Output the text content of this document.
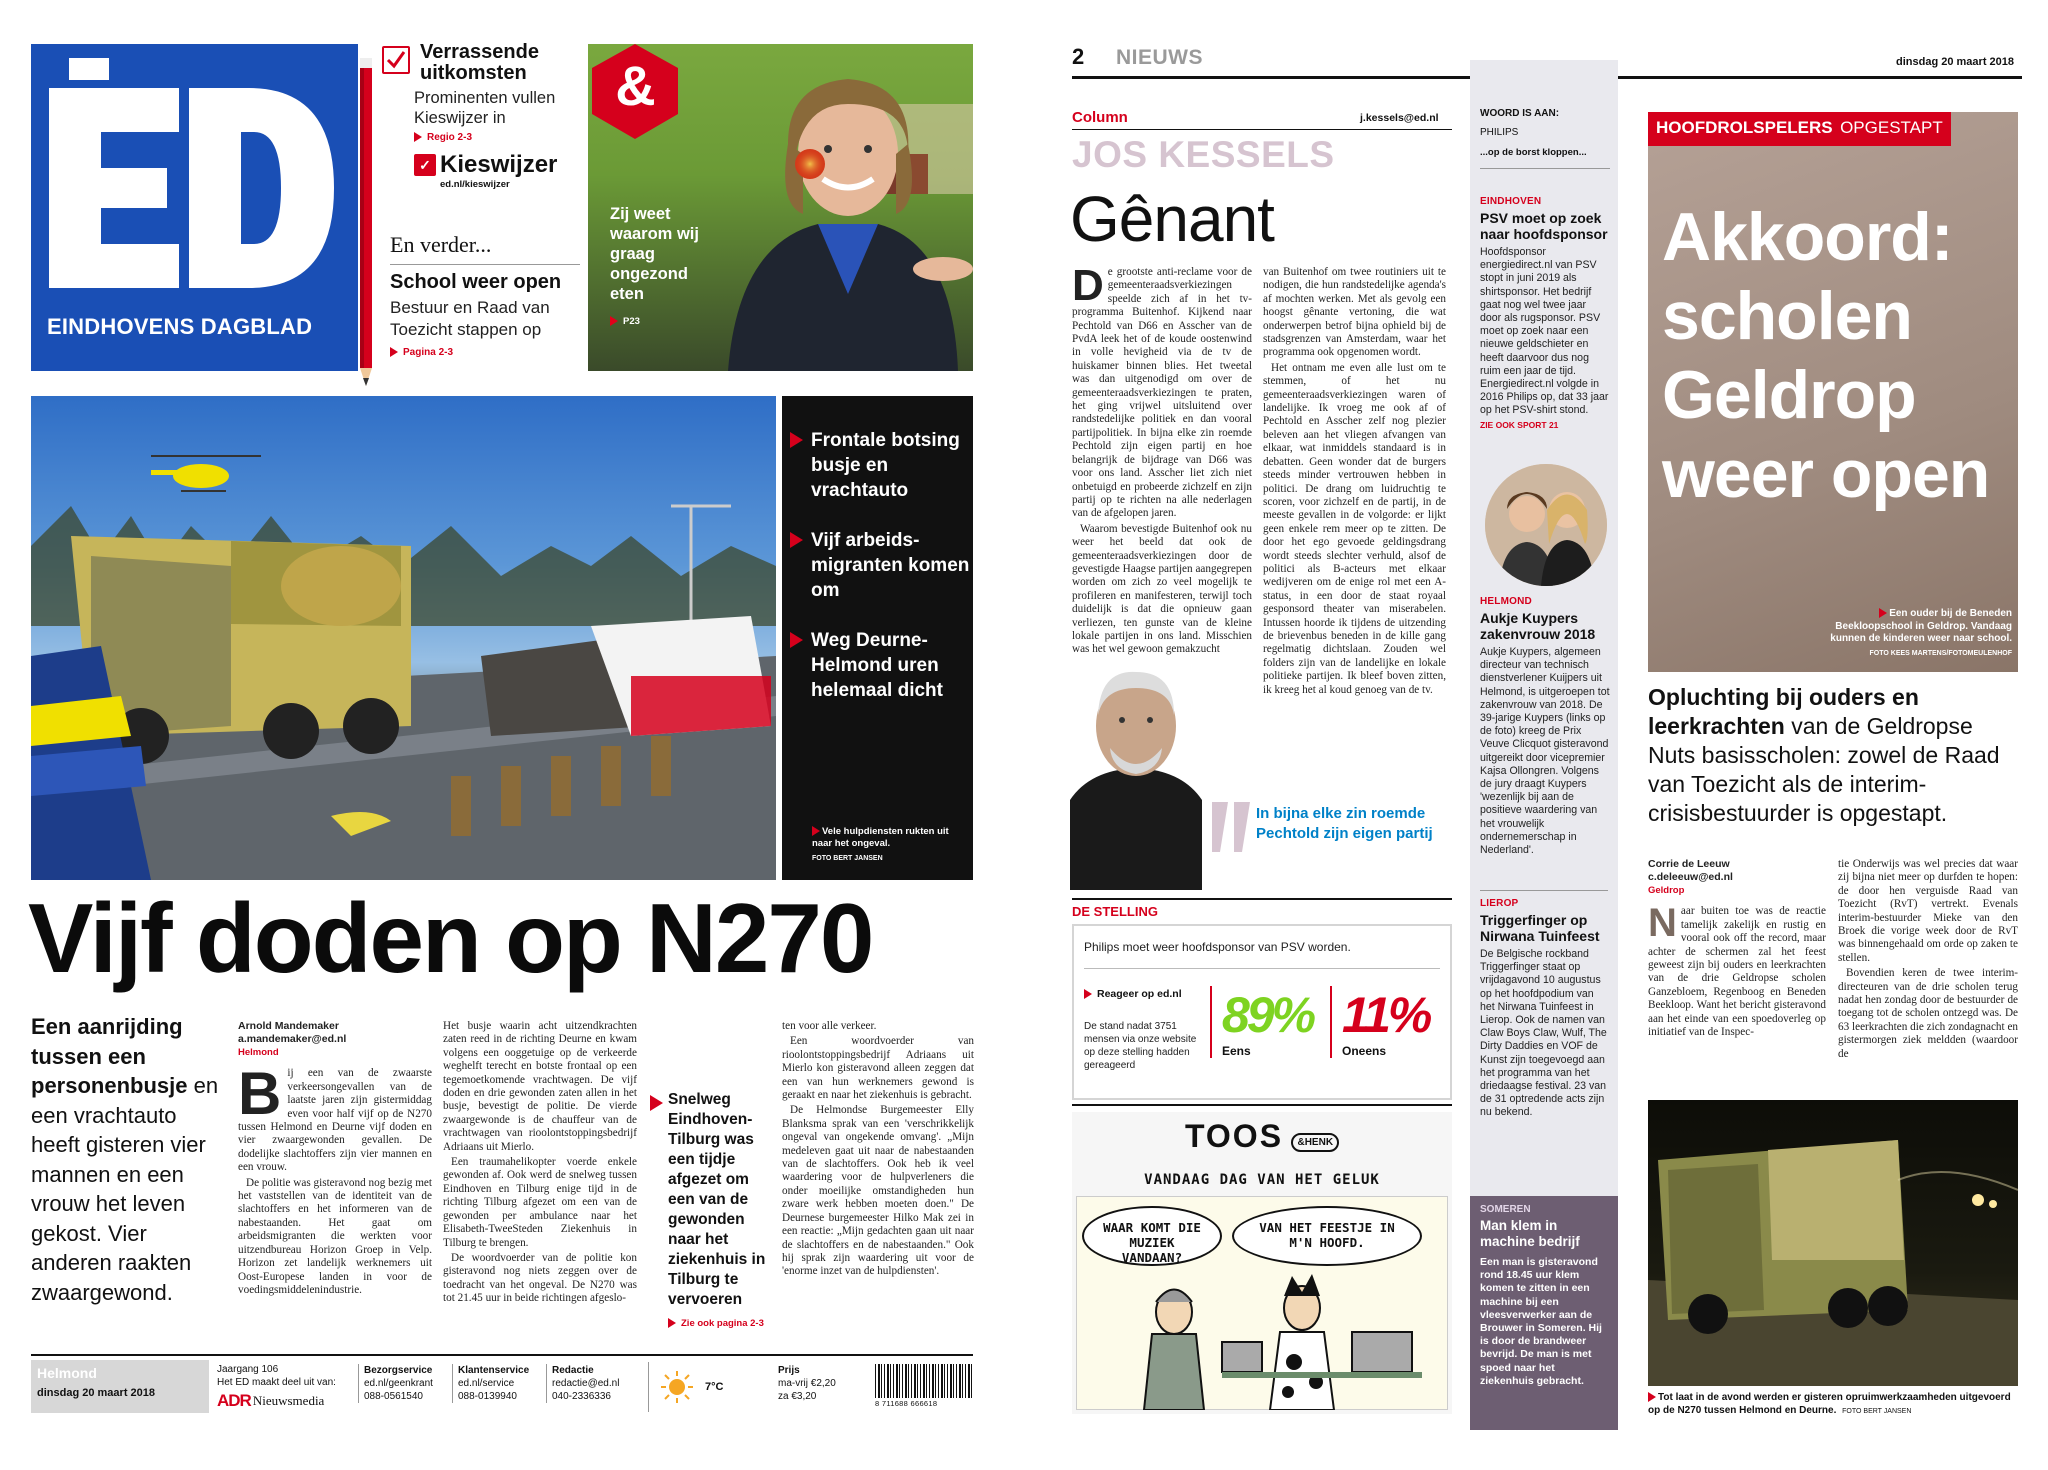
EINDHOVENS DAGBLAD
Verrassende
uitkomsten
Prominenten vullen Kieswijzer in
Regio 2-3
✓ Kieswijzer
ed.nl/kieswijzer
En verder...
School weer open
Bestuur en Raad van Toezicht stappen op
Pagina 2-3
&
Zij weet waarom wij graag ongezond eten
P23
Frontale botsing busje en vrachtauto
Vijf arbeids-migranten komen om
Weg Deurne-Helmond uren helemaal dicht
Vele hulpdiensten rukten uit naar het ongeval.
FOTO BERT JANSEN
Vijf doden op N270
Een aanrijding tussen een personenbusje en een vrachtauto heeft gisteren vier mannen en een vrouw het leven gekost. Vier anderen raakten zwaargewond.
Arnold Mandemaker
a.mandemaker@ed.nl
Helmond

Bij een van de zwaarste verkeersongevallen van de laatste jaren zijn gistermiddag even voor half vijf op de N270 tussen Helmond en Deurne vijf doden en vier zwaargewonden gevallen. De dodelijke slachtoffers zijn vier mannen en een vrouw.

De politie was gisteravond nog bezig met het vaststellen van de identiteit van de slachtoffers en het informeren van de nabestaanden. Het gaat om arbeidsmigranten die werkten voor uitzendbureau Horizon Groep in Velp. Horizon zet landelijk werknemers uit Oost-Europese landen in voor de voedingsmiddelenindustrie.

Het busje waarin acht uitzendkrachten zaten reed in de richting Deurne en kwam volgens een ooggetuige op de verkeerde weghelft terecht en botste frontaal op een tegemoetkomende vrachtwagen. De vijf doden en drie gewonden zaten allen in het busje, bevestigt de politie. De vierde zwaargewonde is de chauffeur van de vrachtwagen van rioolontstoppingsbedrijf Adriaans uit Mierlo.

Een traumahelikopter voerde enkele gewonden af. Ook werd de snelweg tussen Eindhoven en Tilburg enige tijd in de richting Tilburg afgezet om een van de gewonden per ambulance naar het Elisabeth-TweeSteden Ziekenhuis in Tilburg te brengen.

De woordvoerder van de politie kon gisteravond nog niets zeggen over de toedracht van het ongeval. De N270 was tot 21.45 uur in beide richtingen afgeslo-

Snelweg Eindhoven-Tilburg was een tijdje afgezet om een van de gewonden naar het ziekenhuis in Tilburg te vervoeren
Zie ook pagina 2-3

ten voor alle verkeer.

Een woordvoerder van rioolontstoppingsbedrijf Adriaans uit Mierlo kon gisteravond alleen zeggen dat een van hun werknemers gewond is geraakt en naar het ziekenhuis is gebracht.

De Helmondse Burgemeester Elly Blanksma sprak van een 'verschrikkelijk ongeval van ongekende omvang'. „Mijn medeleven gaat uit naar de nabestaanden van de slachtoffers. Ook heb ik veel waardering voor de hulpverleners die onder moeilijke omstandigheden hun zware werk hebben moeten doen." De Deurnese burgemeester Hilko Mak zei in een reactie: „Mijn gedachten gaan uit naar de slachtoffers en de nabestaanden." Ook hij sprak zijn waardering uit voor de 'enorme inzet van de hulpdiensten'.

Helmond
dinsdag 20 maart 2018
Jaargang 106
Het ED maakt deel uit van:
ADR Nieuwsmedia
Bezorgservice
ed.nl/geenkrant
088-0561540
Klantenservice
ed.nl/service
088-0139940
Redactie
redactie@ed.nl
040-2336336
7°C
Prijs
ma-vrij €2,20
za €3,20
8 711688 666618
2 NIEUWS	dinsdag 20 maart 2018
Column	j.kessels@ed.nl
JOS KESSELS
Gênant

De grootste anti-reclame voor de gemeenteraadsverkiezingen speelde zich af in het tv-programma Buitenhof. Kijkend naar Pechtold van D66 en Asscher van de PvdA leek het of de koude oostenwind in volle hevigheid via de tv de huiskamer binnen blies. Het tweetal was dan uitgenodigd om over de gemeenteraadsverkiezingen te praten, het ging vrijwel uitsluitend over randstedelijke politiek en dan vooral partijpolitiek. In bijna elke zin roemde Pechtold zijn eigen partij en hoe belangrijk de bijdrage van D66 was voor ons land. Asscher liet zich niet onbetuigd en probeerde zichzelf en zijn partij op te richten na alle nederlagen van de afgelopen jaren.

Waarom bevestigde Buitenhof ook nu weer het beeld dat ook de gemeenteraadsverkiezingen door de gevestigde Haagse partijen aangegrepen worden om zich zo veel mogelijk te profileren en manifesteren, terwijl toch duidelijk is dat die opnieuw gaan verliezen, ten gunste van de kleine lokale partijen in ons land. Misschien was het wel gewoon gemakzucht

van Buitenhof om twee routiniers uit te nodigen, die hun randstedelijke agenda's af mochten werken. Met als gevolg een hoogst gênante vertoning, die wat onderwerpen betrof bijna ophield bij de stadsgrenzen van Amsterdam, waar het programma ook opgenomen wordt.

Het ontnam me even alle lust om te stemmen, of het nu gemeenteraadsverkiezingen waren of landelijke. Ik vroeg me ook af of Pechtold en Asscher zelf nog plezier beleven aan het vliegen afvangen van elkaar, wat inmiddels standaard is in debatten. Geen wonder dat de burgers steeds minder vertrouwen hebben in politici. De drang om luidruchtig te scoren, voor zichzelf en de partij, in de meeste gevallen in de volgorde: er lijkt geen enkele rem meer op te zitten. De door het ego gevoede geldingsdrang wordt steeds slechter verhuld, alsof de politici als B-acteurs met elkaar wedijveren om de enige rol met een A-status, in een door de staat royaal gesponsord theater van miserabelen. Intussen hoorde ik tijdens de uitzending de brievenbus beneden in de kille gang regelmatig dichtslaan. Zouden wel folders zijn van de landelijke en lokale politieke partijen. Ik bleef boven zitten, ik kreeg het al koud genoeg van de tv.

In bijna elke zin roemde Pechtold zijn eigen partij
DE STELLING
Philips moet weer hoofdsponsor van PSV worden.
Reageer op ed.nl
De stand nadat 3751 mensen via onze website op deze stelling hadden gereageerd
89%
Eens
11%
Oneens
TOOS &HENK
VANDAAG DAG VAN HET GELUK
WAAR KOMT DIE MUZIEK VANDAAN?
VAN HET FEESTJE IN M'N HOOFD.
WOORD IS AAN:
PHILIPS
...op de borst kloppen...
EINDHOVEN
PSV moet op zoek naar hoofdsponsor
Hoofdsponsor energiedirect.nl van PSV stopt in juni 2019 als shirtsponsor. Het bedrijf gaat nog wel twee jaar door als rugsponsor. PSV moet op zoek naar een nieuwe geldschieter en heeft daarvoor dus nog ruim een jaar de tijd. Energiedirect.nl volgde in 2016 Philips op, dat 33 jaar op het PSV-shirt stond.
ZIE OOK SPORT 21
HELMOND
Aukje Kuypers zakenvrouw 2018
Aukje Kuypers, algemeen directeur van technisch dienstverlener Kuijpers uit Helmond, is uitgeroepen tot zakenvrouw van 2018. De 39-jarige Kuypers (links op de foto) kreeg de Prix Veuve Clicquot gisteravond uitgereikt door vicepremier Kajsa Ollongren. Volgens de jury draagt Kuypers 'wezenlijk bij aan de positieve waardering van het vrouwelijk ondernemerschap in Nederland'.
LIEROP
Triggerfinger op Nirwana Tuinfeest
De Belgische rockband Triggerfinger staat op vrijdagavond 10 augustus op het hoofdpodium van het Nirwana Tuinfeest in Lierop. Ook de namen van Claw Boys Claw, Wulf, The Dirty Daddies en VOF de Kunst zijn toegevoegd aan het programma van het driedaagse festival. 23 van de 31 optredende acts zijn nu bekend.
SOMEREN
Man klem in machine bedrijf
Een man is gisteravond rond 18.45 uur klem komen te zitten in een machine bij een vleesverwerker aan de Brouwer in Someren. Hij is door de brandweer bevrijd. De man is met spoed naar het ziekenhuis gebracht.
HOOFDROLSPELERS OPGESTAPT
Akkoord: scholen Geldrop weer open
Een ouder bij de Beneden Beekloopschool in Geldrop. Vandaag kunnen de kinderen weer naar school.
FOTO KEES MARTENS/FOTOMEULENHOF
Opluchting bij ouders en leerkrachten van de Geldropse Nuts basisscholen: zowel de Raad van Toezicht als de interim-crisisbestuurder is opgestapt.
Corrie de Leeuw
c.deleeuw@ed.nl
Geldrop

Naar buiten toe was de reactie tamelijk zakelijk en rustig en vooral ook off the record, maar achter de schermen zal het feest geweest zijn bij ouders en leerkrachten van de drie Geldropse scholen Ganzebloem, Regenboog en Beneden Beekloop. Want het bericht gisteravond aan het einde van een spoedoverleg op initiatief van de Inspec-

tie Onderwijs was wel precies dat waar zij bijna niet meer op durfden te hopen: de door hen verguisde Raad van Toezicht (RvT) vertrekt. Evenals interim-bestuurder Mieke van den Broek die vorige week door de RvT was binnengehaald om orde op zaken te stellen.

Bovendien keren de twee interim-directeuren van de drie scholen terug nadat hen zondag door de bestuurder de toegang tot de scholen ontzegd was. De 63 leerkrachten die zich zondagnacht en gistermorgen ziek meldden (waardoor de

Tot laat in de avond werden er gisteren opruimwerkzaamheden uitgevoerd op de N270 tussen Helmond en Deurne. FOTO BERT JANSEN
